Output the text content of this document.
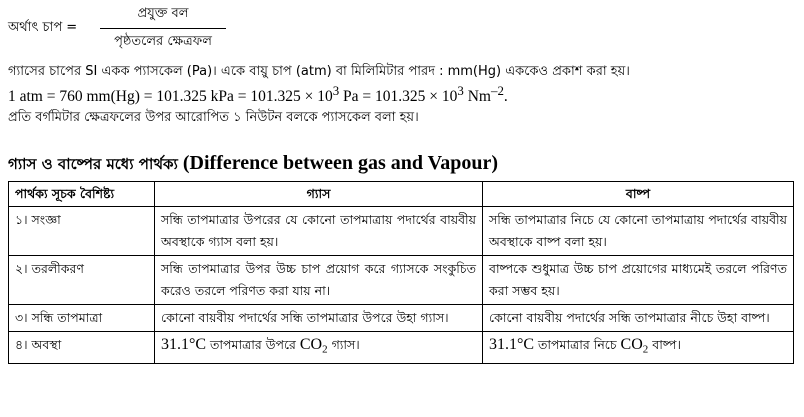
অর্থাৎ চাপ =
প্রযুক্ত বল
পৃষ্ঠতলের ক্ষেত্রফল
গ্যাসের চাপের SI একক প্যাসকেল (Pa)। একে বায়ু চাপ (atm) বা মিলিমিটার পারদ : mm(Hg) এককেও প্রকাশ করা হয়।
1 atm = 760 mm(Hg) = 101.325 kPa = $101.325 \times 10^3$ $Pa = 101.325 \times 10^3$ $Nm^{-2}$.
প্রতি বর্গমিটার ক্ষেত্রফলের উপর আরোপিত ১ নিউটন বলকে প্যাসকেল বলা হয়।
গ্যাস ও বাষ্পের মধ্যে পার্থক্য (Difference between gas and Vapour)
পার্থক্য সূচক বৈশিষ্ট্য	গ্যাস	বাষ্প
১। সংজ্ঞা	সন্ধি তাপমাত্রার উপরের যে কোনো তাপমাত্রায় পদার্থের বায়বীয় অবস্থাকে গ্যাস বলা হয়।	সন্ধি তাপমাত্রার নিচে যে কোনো তাপমাত্রায় পদার্থের বায়বীয় অবস্থাকে বাষ্প বলা হয়।
২। তরলীকরণ	সন্ধি তাপমাত্রার উপর উচ্চ চাপ প্রয়োগ করে গ্যাসকে সংকুচিত করেও তরলে পরিণত করা যায় না।	বাষ্পকে শুধুমাত্র উচ্চ চাপ প্রয়োগের মাধ্যমেই তরলে পরিণত করা সম্ভব হয়।
৩। সন্ধি তাপমাত্রা	কোনো বায়বীয় পদার্থের সন্ধি তাপমাত্রার উপরে উহা গ্যাস।	কোনো বায়বীয় পদার্থের সন্ধি তাপমাত্রার নীচে উহা বাষ্প।
৪। অবস্থা	31.1°C তাপমাত্রার উপরে $CO_2$ গ্যাস।	31.1°C তাপমাত্রার নিচে $CO_2$ বাষ্প।
